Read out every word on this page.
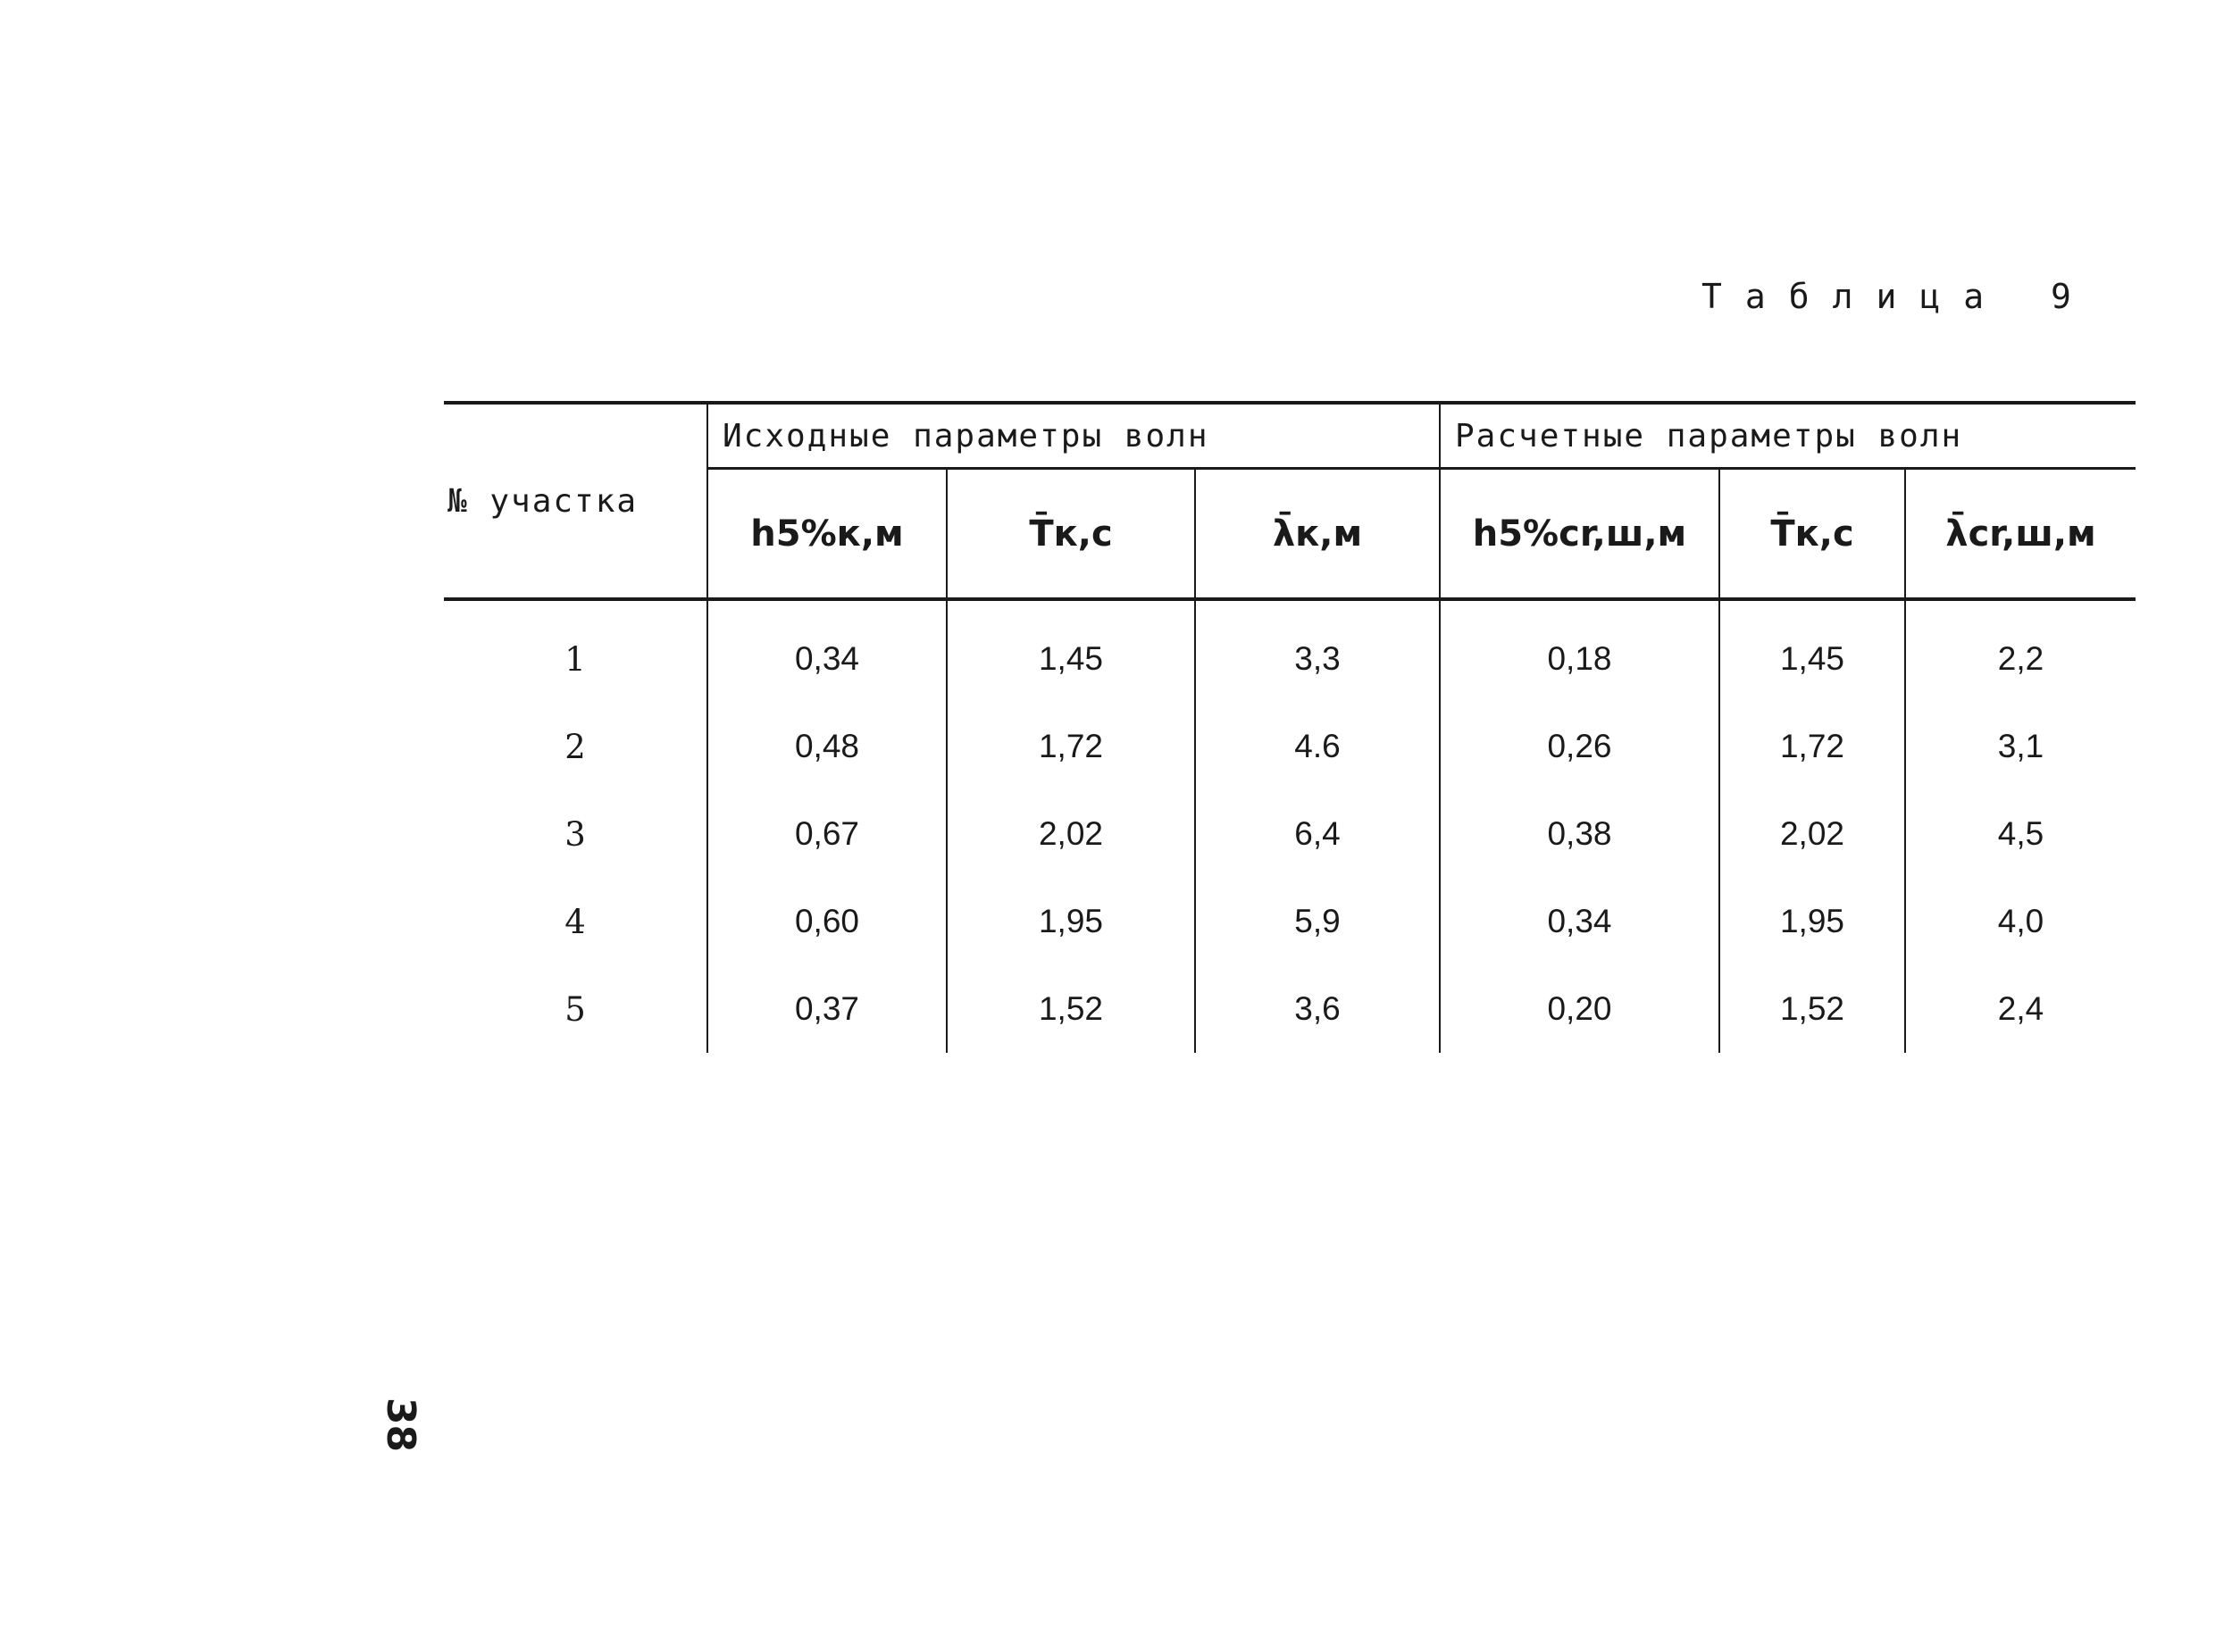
Таблица 9
№ участка	Исходные параметры волн			Расчетные параметры волн		
	h5%к,м	T̄к,с	λ̄к,м	h5%cr,ш,м	T̄к,с	λ̄cr,ш,м
1	0,34	1,45	3,3	0,18	1,45	2,2
2	0,48	1,72	4.6	0,26	1,72	3,1
3	0,67	2,02	6,4	0,38	2,02	4,5
4	0,60	1,95	5,9	0,34	1,95	4,0
5	0,37	1,52	3,6	0,20	1,52	2,4
38
